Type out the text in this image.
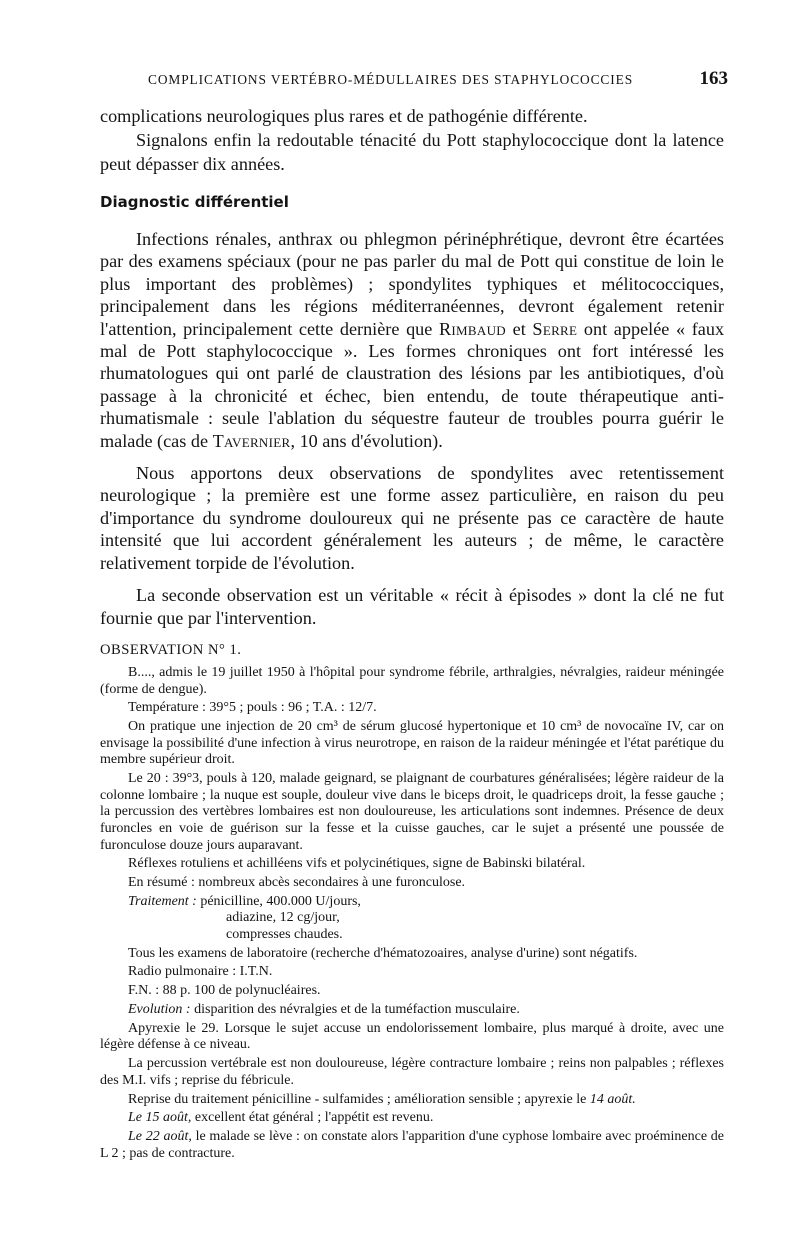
COMPLICATIONS VERTÉBRO-MÉDULLAIRES DES STAPHYLOCOCCIES	163

complications neurologiques plus rares et de pathogénie différente.

Signalons enfin la redoutable ténacité du Pott staphylococcique dont la latence peut dépasser dix années.

Diagnostic différentiel

Infections rénales, anthrax ou phlegmon périnéphrétique, devront être écartées par des examens spéciaux (pour ne pas parler du mal de Pott qui constitue de loin le plus important des problèmes) ; spondylites typhiques et mélitococciques, principalement dans les régions méditerranéennes, devront également retenir l'attention, principalement cette dernière que Rimbaud et Serre ont appelée « faux mal de Pott staphylococcique ». Les formes chroniques ont fort intéressé les rhumatologues qui ont parlé de claustration des lésions par les antibiotiques, d'où passage à la chronicité et échec, bien entendu, de toute thérapeutique anti-rhumatismale : seule l'ablation du séquestre fauteur de troubles pourra guérir le malade (cas de Tavernier, 10 ans d'évolution).

Nous apportons deux observations de spondylites avec retentissement neurologique ; la première est une forme assez particulière, en raison du peu d'importance du syndrome douloureux qui ne présente pas ce caractère de haute intensité que lui accordent généralement les auteurs ; de même, le caractère relativement torpide de l'évolution.

La seconde observation est un véritable « récit à épisodes » dont la clé ne fut fournie que par l'intervention.

OBSERVATION N° 1.

B...., admis le 19 juillet 1950 à l'hôpital pour syndrome fébrile, arthralgies, névralgies, raideur méningée (forme de dengue).

Température : 39°5 ; pouls : 96 ; T.A. : 12/7.

On pratique une injection de 20 cm³ de sérum glucosé hypertonique et 10 cm³ de novocaïne IV, car on envisage la possibilité d'une infection à virus neurotrope, en raison de la raideur méningée et l'état parétique du membre supérieur droit.

Le 20 : 39°3, pouls à 120, malade geignard, se plaignant de courbatures généralisées; légère raideur de la colonne lombaire ; la nuque est souple, douleur vive dans le biceps droit, le quadriceps droit, la fesse gauche ; la percussion des vertèbres lombaires est non douloureuse, les articulations sont indemnes. Présence de deux furoncles en voie de guérison sur la fesse et la cuisse gauches, car le sujet a présenté une poussée de furonculose douze jours auparavant.

Réflexes rotuliens et achilléens vifs et polycinétiques, signe de Babinski bilatéral.

En résumé : nombreux abcès secondaires à une furonculose.

Traitement : pénicilline, 400.000 U/jours,

adiazine, 12 cg/jour,

compresses chaudes.

Tous les examens de laboratoire (recherche d'hématozoaires, analyse d'urine) sont négatifs.

Radio pulmonaire : I.T.N.

F.N. : 88 p. 100 de polynucléaires.

Evolution : disparition des névralgies et de la tuméfaction musculaire.

Apyrexie le 29. Lorsque le sujet accuse un endolorissement lombaire, plus marqué à droite, avec une légère défense à ce niveau.

La percussion vertébrale est non douloureuse, légère contracture lombaire ; reins non palpables ; réflexes des M.I. vifs ; reprise du fébricule.

Reprise du traitement pénicilline - sulfamides ; amélioration sensible ; apyrexie le 14 août.

Le 15 août, excellent état général ; l'appétit est revenu.

Le 22 août, le malade se lève : on constate alors l'apparition d'une cyphose lombaire avec proéminence de L 2 ; pas de contracture.
